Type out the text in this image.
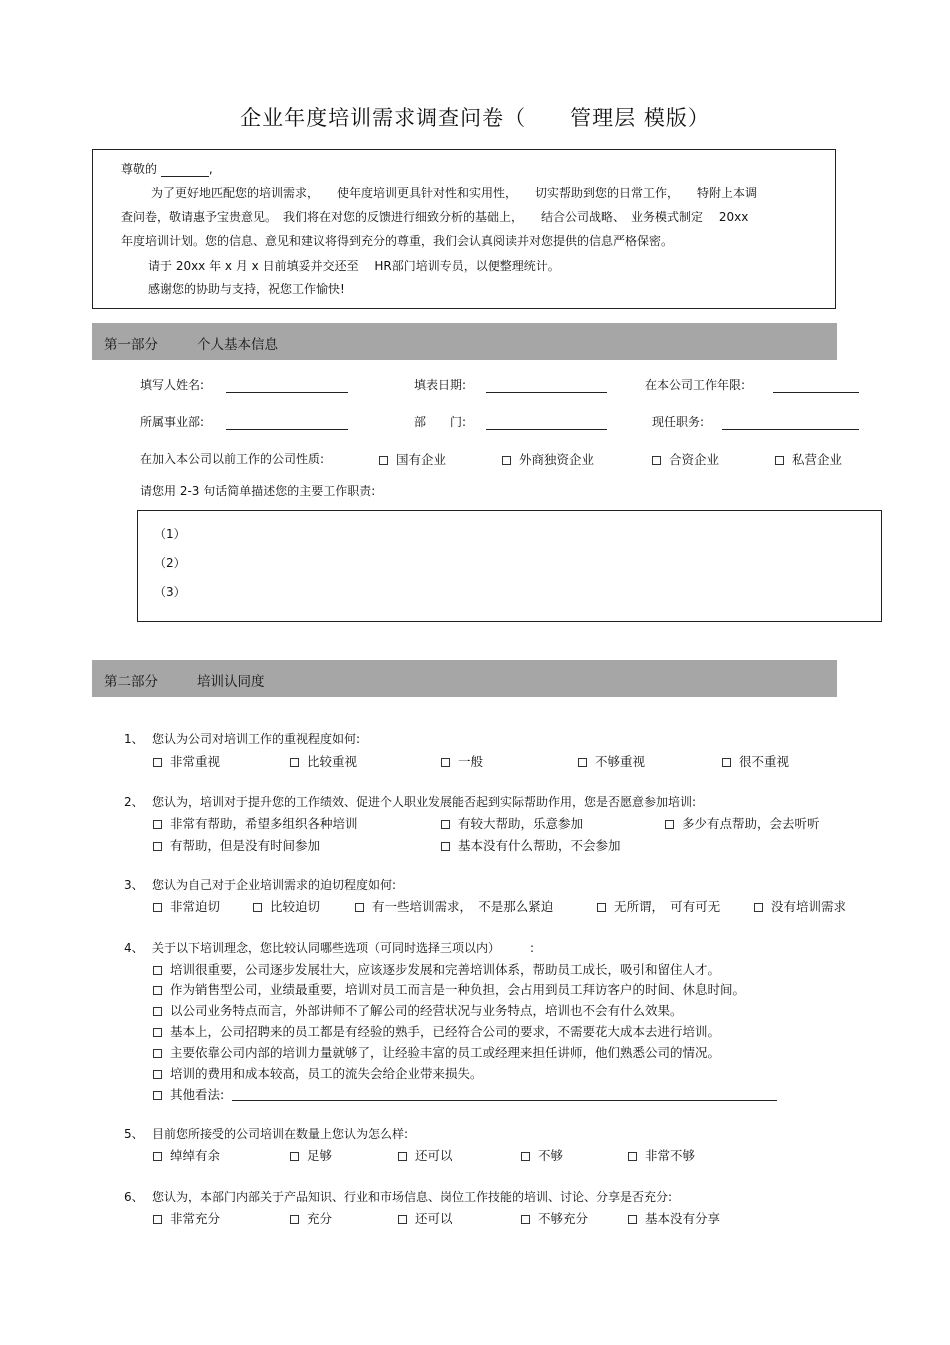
企业年度培训需求调查问卷（　　管理层 模版）
尊敬的	,
为了更好地匹配您的培训需求，　　使年度培训更具针对性和实用性，　　切实帮助到您的日常工作，　　特附上本调
查问卷，敬请惠予宝贵意见。　我们将在对您的反馈进行细致分析的基础上，　　结合公司战略、　业务模式制定　 20xx
年度培训计划。您的信息、意见和建议将得到充分的尊重，我们会认真阅读并对您提供的信息严格保密。
请于 20xx 年 x 月 x 日前填妥并交还至　 HR部门培训专员，以便整理统计。
感谢您的协助与支持，祝您工作愉快!
第一部分	个人基本信息
填写人姓名:	填表日期:	在本公司工作年限:
所属事业部:	部　　门:	现任职务:
在加入本公司以前工作的公司性质:	国有企业	外商独资企业	合资企业	私营企业
请您用 2-3 句话简单描述您的主要工作职责:
（1）
（2）
（3）
第二部分	培训认同度
1、 您认为公司对培训工作的重视程度如何:
非常重视	比较重视	一般	不够重视	很不重视
2、 您认为，培训对于提升您的工作绩效、促进个人职业发展能否起到实际帮助作用，您是否愿意参加培训:
非常有帮助，希望多组织各种培训	有较大帮助，乐意参加	多少有点帮助，会去听听
有帮助，但是没有时间参加	基本没有什么帮助，不会参加
3、 您认为自己对于企业培训需求的迫切程度如何:
非常迫切	比较迫切	有一些培训需求，　不是那么紧迫	无所谓，　可有可无	没有培训需求
4、 关于以下培训理念，您比较认同哪些选项（可同时选择三项以内）　　　:
培训很重要，公司逐步发展壮大，应该逐步发展和完善培训体系，帮助员工成长，吸引和留住人才。
作为销售型公司，业绩最重要，培训对员工而言是一种负担，会占用到员工拜访客户的时间、休息时间。
以公司业务特点而言，外部讲师不了解公司的经营状况与业务特点，培训也不会有什么效果。
基本上，公司招聘来的员工都是有经验的熟手，已经符合公司的要求，不需要花大成本去进行培训。
主要依靠公司内部的培训力量就够了，让经验丰富的员工或经理来担任讲师，他们熟悉公司的情况。
培训的费用和成本较高，员工的流失会给企业带来损失。
其他看法:
5、 目前您所接受的公司培训在数量上您认为怎么样:
绰绰有余	足够	还可以	不够	非常不够
6、 您认为，本部门内部关于产品知识、行业和市场信息、岗位工作技能的培训、讨论、分享是否充分:
非常充分	充分	还可以	不够充分	基本没有分享
